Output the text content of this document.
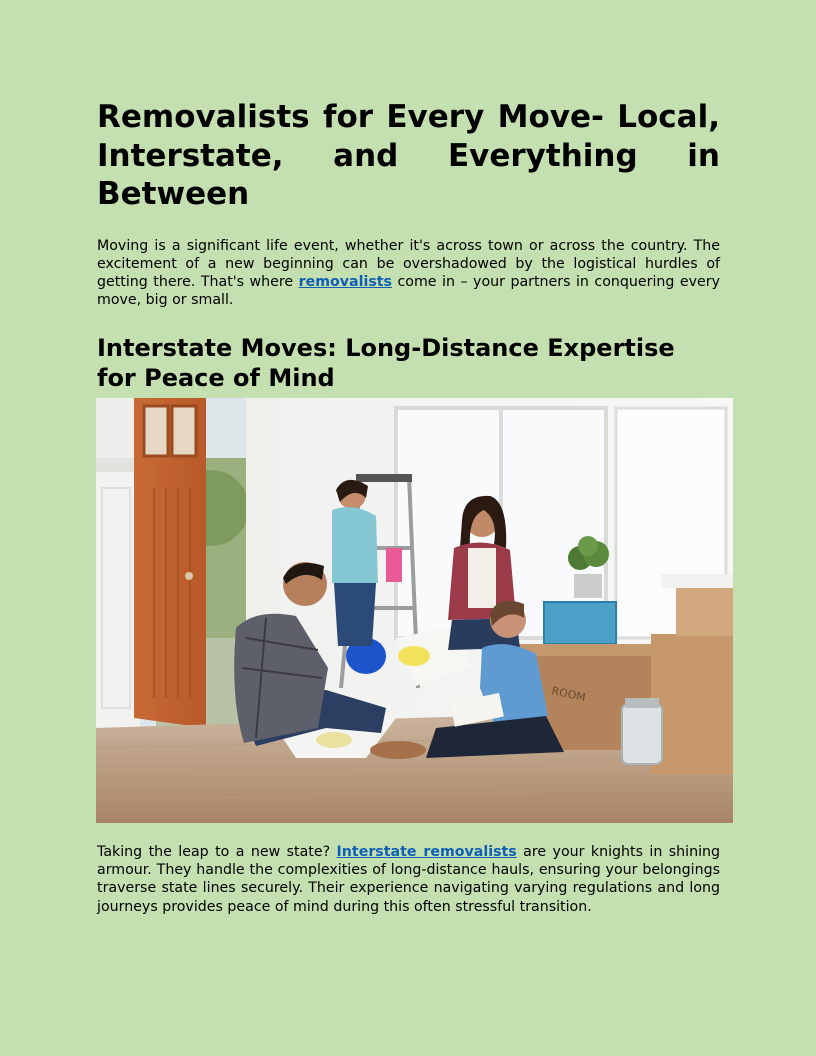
Removalists for Every Move- Local, Interstate, and Everything in Between

Moving is a significant life event, whether it's across town or across the country. The excitement of a new beginning can be overshadowed by the logistical hurdles of getting there. That's where removalists come in – your partners in conquering every move, big or small.

Interstate Moves: Long-Distance Expertise for Peace of Mind
ROOM

Taking the leap to a new state? Interstate removalists are your knights in shining armour. They handle the complexities of long-distance hauls, ensuring your belongings traverse state lines securely. Their experience navigating varying regulations and long journeys provides peace of mind during this often stressful transition.
